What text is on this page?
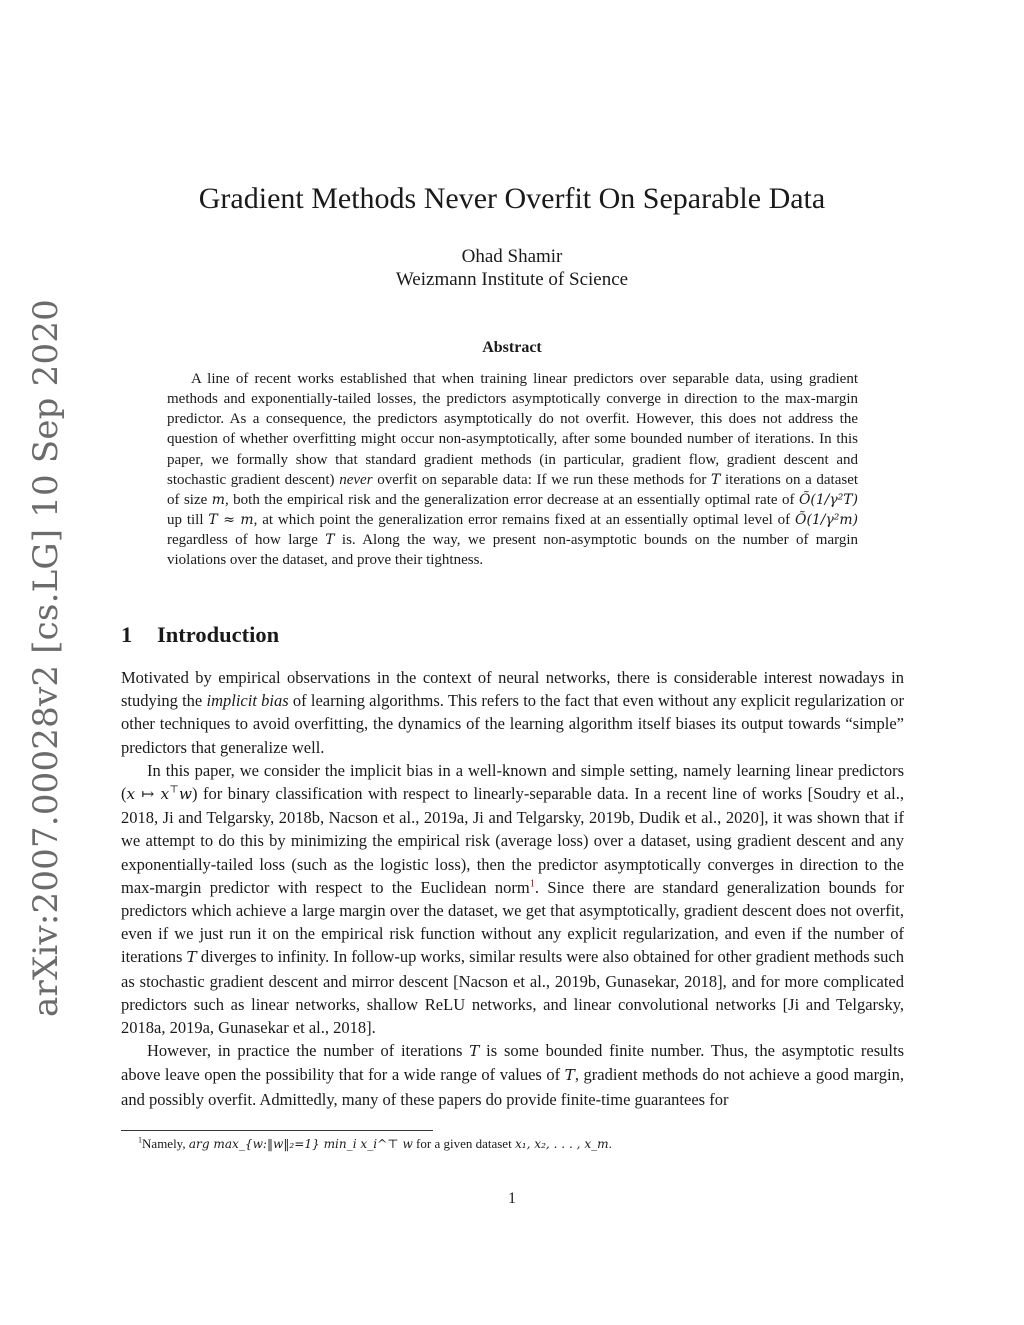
arXiv:2007.00028v2 [cs.LG] 10 Sep 2020
Gradient Methods Never Overfit On Separable Data
Ohad Shamir
Weizmann Institute of Science
Abstract
A line of recent works established that when training linear predictors over separable data, using gradient methods and exponentially-tailed losses, the predictors asymptotically converge in direction to the max-margin predictor. As a consequence, the predictors asymptotically do not overfit. However, this does not address the question of whether overfitting might occur non-asymptotically, after some bounded number of iterations. In this paper, we formally show that standard gradient methods (in particular, gradient flow, gradient descent and stochastic gradient descent) never overfit on separable data: If we run these methods for T iterations on a dataset of size m, both the empirical risk and the generalization error decrease at an essentially optimal rate of Õ(1/γ²T) up till T ≈ m, at which point the generalization error remains fixed at an essentially optimal level of Õ(1/γ²m) regardless of how large T is. Along the way, we present non-asymptotic bounds on the number of margin violations over the dataset, and prove their tightness.
1 Introduction

Motivated by empirical observations in the context of neural networks, there is considerable interest nowadays in studying the implicit bias of learning algorithms. This refers to the fact that even without any explicit regularization or other techniques to avoid overfitting, the dynamics of the learning algorithm itself biases its output towards “simple” predictors that generalize well.

In this paper, we consider the implicit bias in a well-known and simple setting, namely learning linear predictors (x ↦ x⊤w) for binary classification with respect to linearly-separable data. In a recent line of works [Soudry et al., 2018, Ji and Telgarsky, 2018b, Nacson et al., 2019a, Ji and Telgarsky, 2019b, Dudik et al., 2020], it was shown that if we attempt to do this by minimizing the empirical risk (average loss) over a dataset, using gradient descent and any exponentially-tailed loss (such as the logistic loss), then the predictor asymptotically converges in direction to the max-margin predictor with respect to the Euclidean norm$^1$. Since there are standard generalization bounds for predictors which achieve a large margin over the dataset, we get that asymptotically, gradient descent does not overfit, even if we just run it on the empirical risk function without any explicit regularization, and even if the number of iterations T diverges to infinity. In follow-up works, similar results were also obtained for other gradient methods such as stochastic gradient descent and mirror descent [Nacson et al., 2019b, Gunasekar, 2018], and for more complicated predictors such as linear networks, shallow ReLU networks, and linear convolutional networks [Ji and Telgarsky, 2018a, 2019a, Gunasekar et al., 2018].

However, in practice the number of iterations T is some bounded finite number. Thus, the asymptotic results above leave open the possibility that for a wide range of values of T, gradient methods do not achieve a good margin, and possibly overfit. Admittedly, many of these papers do provide finite-time guarantees for

$^1$Namely, arg max_{w:‖w‖₂=1} min_i x_i^⊤ w for a given dataset x₁, x₂, . . . , x_m.
1
